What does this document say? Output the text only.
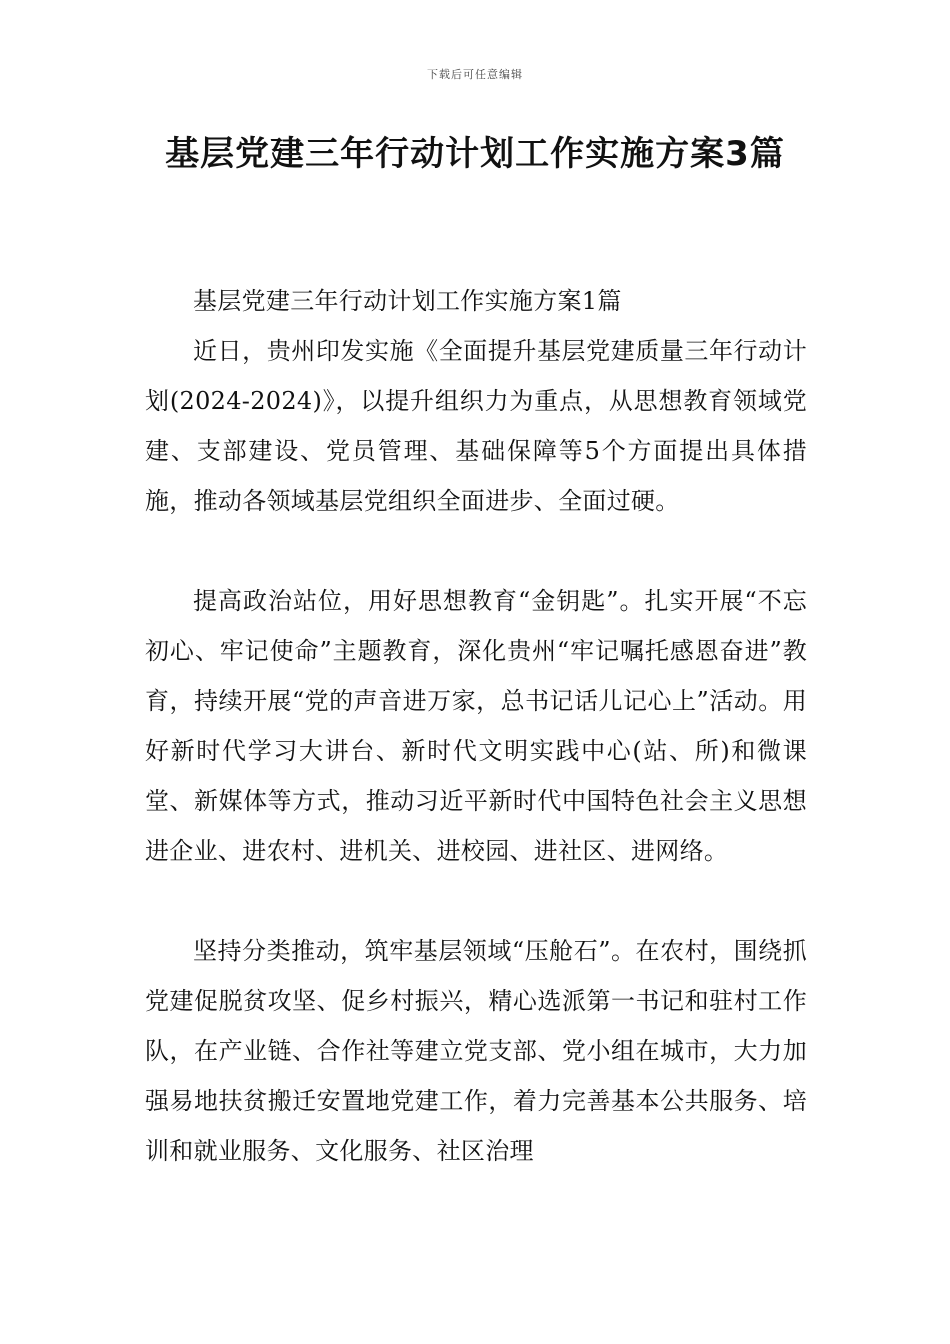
下载后可任意编辑
基层党建三年行动计划工作实施方案3篇

基层党建三年行动计划工作实施方案1篇

近日，贵州印发实施《全面提升基层党建质量三年行动计划(2024-2024)》，以提升组织力为重点，从思想教育领域党建、支部建设、党员管理、基础保障等5个方面提出具体措施，推动各领域基层党组织全面进步、全面过硬。

提高政治站位，用好思想教育“金钥匙”。扎实开展“不忘初心、牢记使命”主题教育，深化贵州“牢记嘱托感恩奋进”教育，持续开展“党的声音进万家，总书记话儿记心上”活动。用好新时代学习大讲台、新时代文明实践中心(站、所)和微课堂、新媒体等方式，推动习近平新时代中国特色社会主义思想进企业、进农村、进机关、进校园、进社区、进网络。

坚持分类推动，筑牢基层领域“压舱石”。在农村，围绕抓党建促脱贫攻坚、促乡村振兴，精心选派第一书记和驻村工作队，在产业链、合作社等建立党支部、党小组在城市，大力加强易地扶贫搬迁安置地党建工作，着力完善基本公共服务、培训和就业服务、文化服务、社区治理
